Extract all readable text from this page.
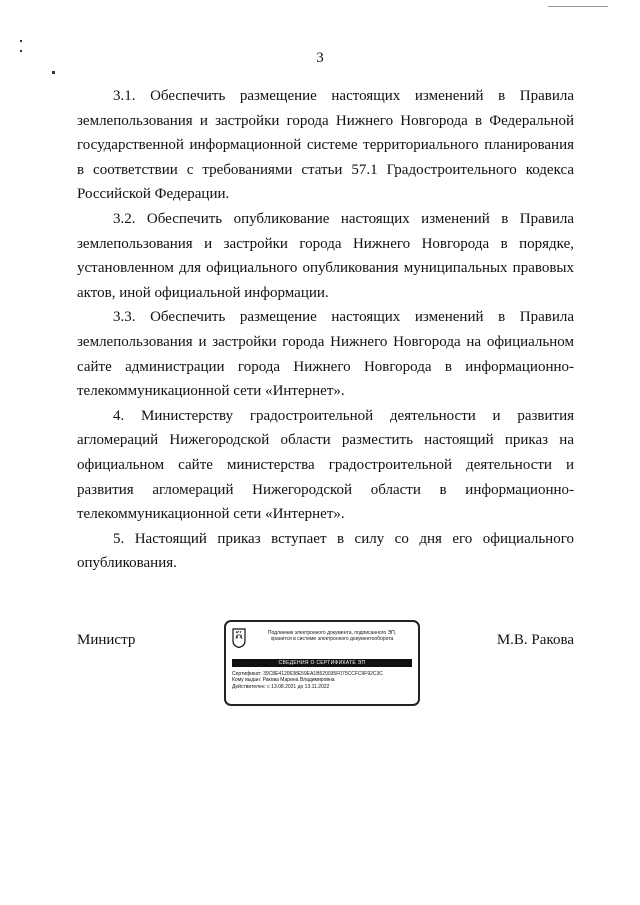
3

3.1. Обеспечить размещение настоящих изменений в Правила землепользования и застройки города Нижнего Новгорода в Федеральной государственной информационной системе территориального планирования в соответствии с требованиями статьи 57.1 Градостроительного кодекса Российской Федерации.

3.2. Обеспечить опубликование настоящих изменений в Правила землепользования и застройки города Нижнего Новгорода в порядке, установленном для официального опубликования муниципальных правовых актов, иной официальной информации.

3.3. Обеспечить размещение настоящих изменений в Правила землепользования и застройки города Нижнего Новгорода на официальном сайте администрации города Нижнего Новгорода в информационно-телекоммуникационной сети «Интернет».

4. Министерству градостроительной деятельности и развития агломераций Нижегородской области разместить настоящий приказ на официальном сайте министерства градостроительной деятельности и развития агломераций Нижегородской области в информационно-телекоммуникационной сети «Интернет».

5. Настоящий приказ вступает в силу со дня его официального опубликования.

Министр	Подлинник электронного документа, подписанного ЭП,
хранится в системе электронного документооборота
СВЕДЕНИЯ О СЕРТИФИКАТЕ ЭП
Сертификат: 39C8E4120638E59EA1B520035F075CCFC9F92C3C
Кому выдан: Ракова Марина Владимировна
Действителен: с 13.08.2021 до 13.11.2022
М.В. Ракова
